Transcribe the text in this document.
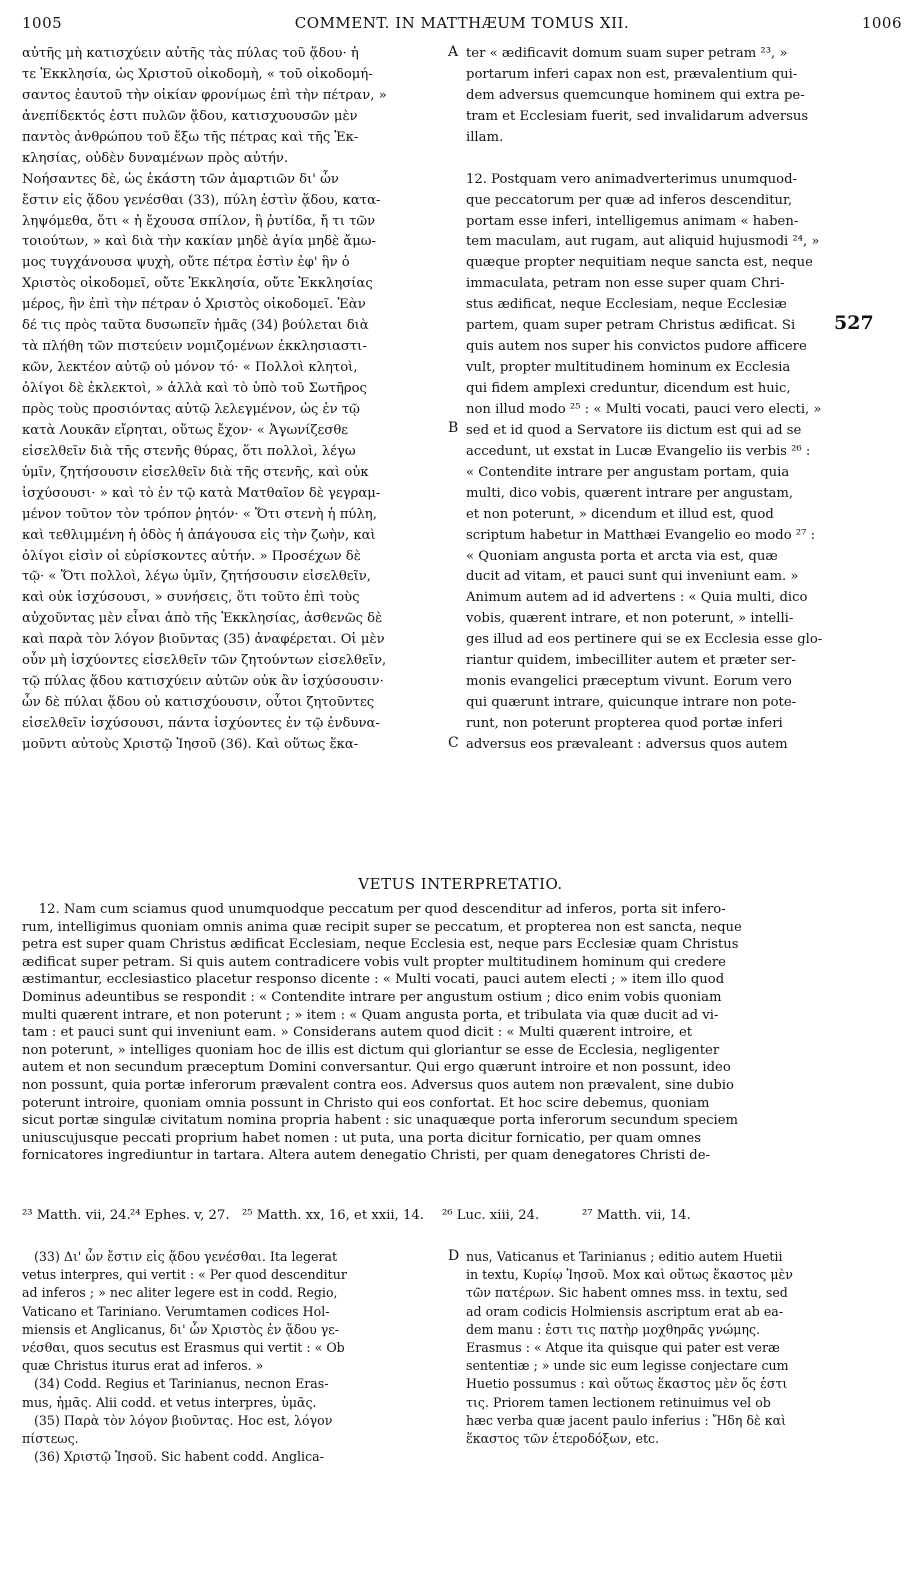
1005	COMMENT. IN MATTHÆUM TOMUS XII.	1006
αὐτῆς μὴ κατισχύειν αὐτῆς τὰς πύλας τοῦ ᾅδου· ἡ
τε Ἐκκλησία, ὡς Χριστοῦ οἰκοδομὴ, « τοῦ οἰκοδομή-
σαντος ἑαυτοῦ τὴν οἰκίαν φρονίμως ἐπὶ τὴν πέτραν, »
ἀνεπίδεκτός ἐστι πυλῶν ᾅδου, κατισχυουσῶν μὲν
παντὸς ἀνθρώπου τοῦ ἔξω τῆς πέτρας καὶ τῆς Ἐκ-
κλησίας, οὐδὲν δυναμένων πρὸς αὐτήν.
Νοήσαντες δὲ, ὡς ἑκάστη τῶν ἁμαρτιῶν δι' ὧν
ἔστιν εἰς ᾅδου γενέσθαι (33), πύλη ἐστὶν ᾅδου, κατα-
ληψόμεθα, ὅτι « ἡ ἔχουσα σπίλον, ἢ ῥυτίδα, ἤ τι τῶν
τοιούτων, » καὶ διὰ τὴν κακίαν μηδὲ ἁγία μηδὲ ἄμω-
μος τυγχάνουσα ψυχὴ, οὔτε πέτρα ἐστὶν ἐφ' ἣν ὁ
Χριστὸς οἰκοδομεῖ, οὔτε Ἐκκλησία, οὔτε Ἐκκλησίας
μέρος, ἣν ἐπὶ τὴν πέτραν ὁ Χριστὸς οἰκοδομεῖ. Ἐὰν
δέ τις πρὸς ταῦτα δυσωπεῖν ἡμᾶς (34) βούλεται διὰ
τὰ πλήθη τῶν πιστεύειν νομιζομένων ἐκκλησιαστι-
κῶν, λεκτέον αὐτῷ οὐ μόνον τό· « Πολλοὶ κλητοὶ,
ὀλίγοι δὲ ἐκλεκτοὶ, » ἀλλὰ καὶ τὸ ὑπὸ τοῦ Σωτῆρος
πρὸς τοὺς προσιόντας αὐτῷ λελεγμένον, ὡς ἐν τῷ
κατὰ Λουκᾶν εἴρηται, οὕτως ἔχον· « Ἀγωνίζεσθε
εἰσελθεῖν διὰ τῆς στενῆς θύρας, ὅτι πολλοὶ, λέγω
ὑμῖν, ζητήσουσιν εἰσελθεῖν διὰ τῆς στενῆς, καὶ οὐκ
ἰσχύσουσι· » καὶ τὸ ἐν τῷ κατὰ Ματθαῖον δὲ γεγραμ-
μένον τοῦτον τὸν τρόπον ῥητόν· « Ὅτι στενὴ ἡ πύλη,
καὶ τεθλιμμένη ἡ ὁδὸς ἡ ἀπάγουσα εἰς τὴν ζωὴν, καὶ
ὀλίγοι εἰσὶν οἱ εὑρίσκοντες αὐτήν. » Προσέχων δὲ
τῷ· « Ὅτι πολλοὶ, λέγω ὑμῖν, ζητήσουσιν εἰσελθεῖν,
καὶ οὐκ ἰσχύσουσι, » συνήσεις, ὅτι τοῦτο ἐπὶ τοὺς
αὐχοῦντας μὲν εἶναι ἀπὸ τῆς Ἐκκλησίας, ἀσθενῶς δὲ
καὶ παρὰ τὸν λόγον βιοῦντας (35) ἀναφέρεται. Οἱ μὲν
οὖν μὴ ἰσχύοντες εἰσελθεῖν τῶν ζητούντων εἰσελθεῖν,
τῷ πύλας ᾅδου κατισχύειν αὐτῶν οὐκ ἂν ἰσχύσουσιν·
ὧν δὲ πύλαι ᾅδου οὐ κατισχύουσιν, οὗτοι ζητοῦντες
εἰσελθεῖν ἰσχύσουσι, πάντα ἰσχύοντες ἐν τῷ ἐνδυνα-
μοῦντι αὐτοὺς Χριστῷ Ἰησοῦ (36). Καὶ οὕτως ἕκα-
ter « ædificavit domum suam super petram ²³, »
portarum inferi capax non est, prævalentium qui-
dem adversus quemcunque hominem qui extra pe-
tram et Ecclesiam fuerit, sed invalidarum adversus
illam.
12. Postquam vero animadverterimus unumquod-
que peccatorum per quæ ad inferos descenditur,
portam esse inferi, intelligemus animam « haben-
tem maculam, aut rugam, aut aliquid hujusmodi ²⁴, »
quæque propter nequitiam neque sancta est, neque
immaculata, petram non esse super quam Chri-
stus ædificat, neque Ecclesiam, neque Ecclesiæ
partem, quam super petram Christus ædificat. Si
quis autem nos super his convictos pudore afficere
vult, propter multitudinem hominum ex Ecclesia
qui fidem amplexi creduntur, dicendum est huic,
non illud modo ²⁵ : « Multi vocati, pauci vero electi, »
sed et id quod a Servatore iis dictum est qui ad se
accedunt, ut exstat in Lucæ Evangelio iis verbis ²⁶ :
« Contendite intrare per angustam portam, quia
multi, dico vobis, quærent intrare per angustam,
et non poterunt, » dicendum et illud est, quod
scriptum habetur in Matthæi Evangelio eo modo ²⁷ :
« Quoniam angusta porta et arcta via est, quæ
ducit ad vitam, et pauci sunt qui inveniunt eam. »
Animum autem ad id advertens : « Quia multi, dico
vobis, quærent intrare, et non poterunt, » intelli-
ges illud ad eos pertinere qui se ex Ecclesia esse glo-
riantur quidem, imbecilliter autem et præter ser-
monis evangelici præceptum vivunt. Eorum vero
qui quærunt intrare, quicunque intrare non pote-
runt, non poterunt propterea quod portæ inferi
adversus eos prævaleant : adversus quos autem
A
B
C
D
527
VETUS INTERPRETATIO.
12. Nam cum sciamus quod unumquodque peccatum per quod descenditur ad inferos, porta sit infero-
rum, intelligimus quoniam omnis anima quæ recipit super se peccatum, et propterea non est sancta, neque
petra est super quam Christus ædificat Ecclesiam, neque Ecclesia est, neque pars Ecclesiæ quam Christus
ædificat super petram. Si quis autem contradicere vobis vult propter multitudinem hominum qui credere
æstimantur, ecclesiastico placetur responso dicente : « Multi vocati, pauci autem electi ; » item illo quod
Dominus adeuntibus se respondit : « Contendite intrare per angustum ostium ; dico enim vobis quoniam
multi quærent intrare, et non poterunt ; » item : « Quam angusta porta, et tribulata via quæ ducit ad vi-
tam : et pauci sunt qui inveniunt eam. » Considerans autem quod dicit : « Multi quærent introire, et
non poterunt, » intelliges quoniam hoc de illis est dictum qui gloriantur se esse de Ecclesia, negligenter
autem et non secundum præceptum Domini conversantur. Qui ergo quærunt introire et non possunt, ideo
non possunt, quia portæ inferorum prævalent contra eos. Adversus quos autem non prævalent, sine dubio
poterunt introire, quoniam omnia possunt in Christo qui eos confortat. Et hoc scire debemus, quoniam
sicut portæ singulæ civitatum nomina propria habent : sic unaquæque porta inferorum secundum speciem
uniuscujusque peccati proprium habet nomen : ut puta, una porta dicitur fornicatio, per quam omnes
fornicatores ingrediuntur in tartara. Altera autem denegatio Christi, per quam denegatores Christi de-
²³ Matth. vii, 24. ²⁴ Ephes. v, 27. ²⁵ Matth. xx, 16, et xxii, 14. ²⁶ Luc. xiii, 24.	²⁷ Matth. vii, 14.
(33) Δι' ὧν ἔστιν εἰς ᾅδου γενέσθαι. Ita legerat
vetus interpres, qui vertit : « Per quod descenditur
ad inferos ; » nec aliter legere est in codd. Regio,
Vaticano et Tariniano. Verumtamen codices Hol-
miensis et Anglicanus, δι' ὧν Χριστὸς ἐν ᾅδου γε-
νέσθαι, quos secutus est Erasmus qui vertit : « Ob
quæ Christus iturus erat ad inferos. »
(34) Codd. Regius et Tarinianus, necnon Eras-
mus, ἡμᾶς. Alii codd. et vetus interpres, ὑμᾶς.
(35) Παρὰ τὸν λόγον βιοῦντας. Hoc est, λόγον
πίστεως.
(36) Χριστῷ Ἰησοῦ. Sic habent codd. Anglica-
nus, Vaticanus et Tarinianus ; editio autem Huetii
in textu, Κυρίῳ Ἰησοῦ. Mox καὶ οὕτως ἕκαστος μὲν
τῶν πατέρων. Sic habent omnes mss. in textu, sed
ad oram codicis Holmiensis ascriptum erat ab ea-
dem manu : ἐστι τις πατὴρ μοχθηρᾶς γνώμης.
Erasmus : « Atque ita quisque qui pater est veræ
sententiæ ; » unde sic eum legisse conjectare cum
Huetio possumus : καὶ οὕτως ἕκαστος μὲν ὅς ἐστι
τις. Priorem tamen lectionem retinuimus vel ob
hæc verba quæ jacent paulo inferius : Ἤδη δὲ καὶ
ἕκαστος τῶν ἑτεροδόξων, etc.
